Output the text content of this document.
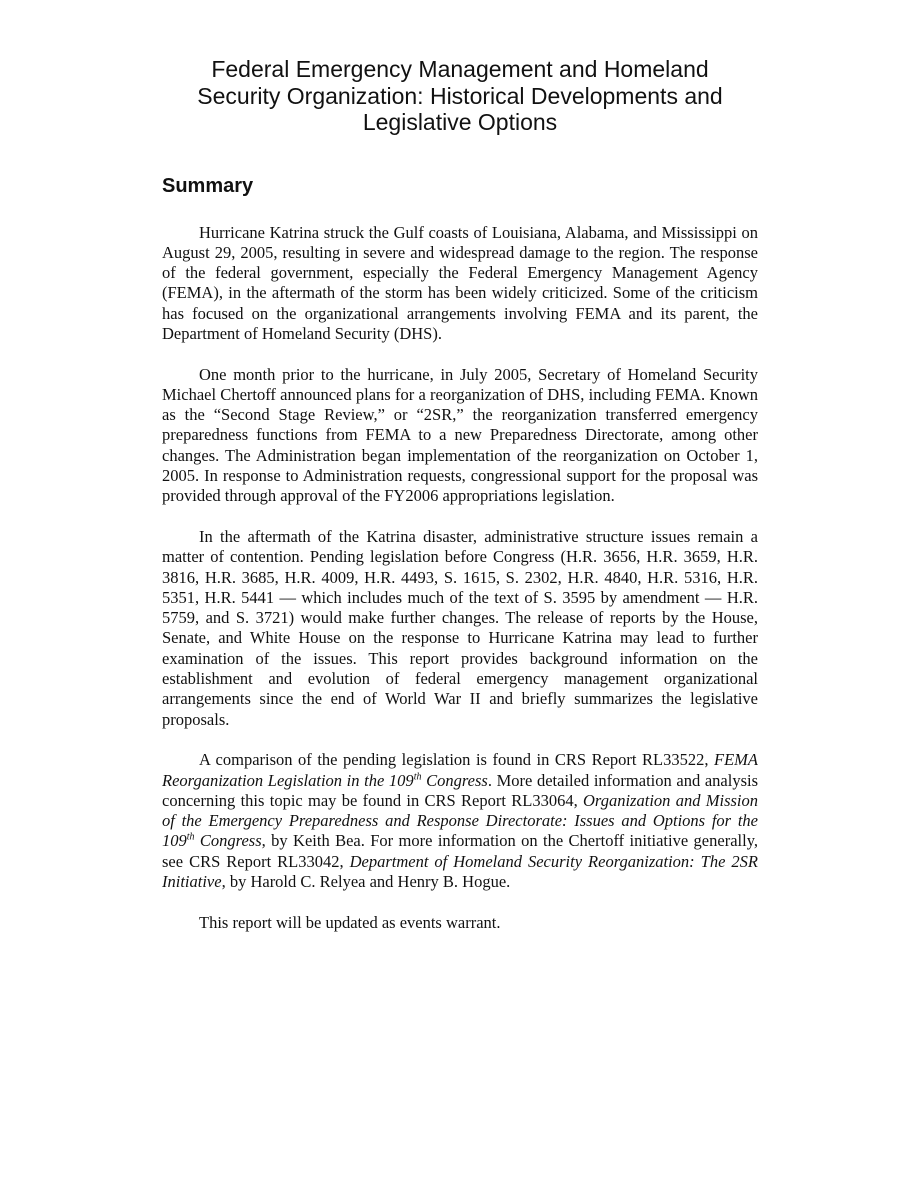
Federal Emergency Management and Homeland
Security Organization: Historical Developments and
Legislative Options
Summary

Hurricane Katrina struck the Gulf coasts of Louisiana, Alabama, and Mississippi on August 29, 2005, resulting in severe and widespread damage to the region. The response of the federal government, especially the Federal Emergency Management Agency (FEMA), in the aftermath of the storm has been widely criticized. Some of the criticism has focused on the organizational arrangements involving FEMA and its parent, the Department of Homeland Security (DHS).

One month prior to the hurricane, in July 2005, Secretary of Homeland Security Michael Chertoff announced plans for a reorganization of DHS, including FEMA. Known as the “Second Stage Review,” or “2SR,” the reorganization transferred emergency preparedness functions from FEMA to a new Preparedness Directorate, among other changes. The Administration began implementation of the reorganization on October 1, 2005. In response to Administration requests, congressional support for the proposal was provided through approval of the FY2006 appropriations legislation.

In the aftermath of the Katrina disaster, administrative structure issues remain a matter of contention. Pending legislation before Congress (H.R. 3656, H.R. 3659, H.R. 3816, H.R. 3685, H.R. 4009, H.R. 4493, S. 1615, S. 2302, H.R. 4840, H.R. 5316, H.R. 5351, H.R. 5441 — which includes much of the text of S. 3595 by amendment — H.R. 5759, and S. 3721) would make further changes. The release of reports by the House, Senate, and White House on the response to Hurricane Katrina may lead to further examination of the issues. This report provides background information on the establishment and evolution of federal emergency management organizational arrangements since the end of World War II and briefly summarizes the legislative proposals.

A comparison of the pending legislation is found in CRS Report RL33522, FEMA Reorganization Legislation in the 109th Congress. More detailed information and analysis concerning this topic may be found in CRS Report RL33064, Organization and Mission of the Emergency Preparedness and Response Directorate: Issues and Options for the 109th Congress, by Keith Bea. For more information on the Chertoff initiative generally, see CRS Report RL33042, Department of Homeland Security Reorganization: The 2SR Initiative, by Harold C. Relyea and Henry B. Hogue.

This report will be updated as events warrant.
